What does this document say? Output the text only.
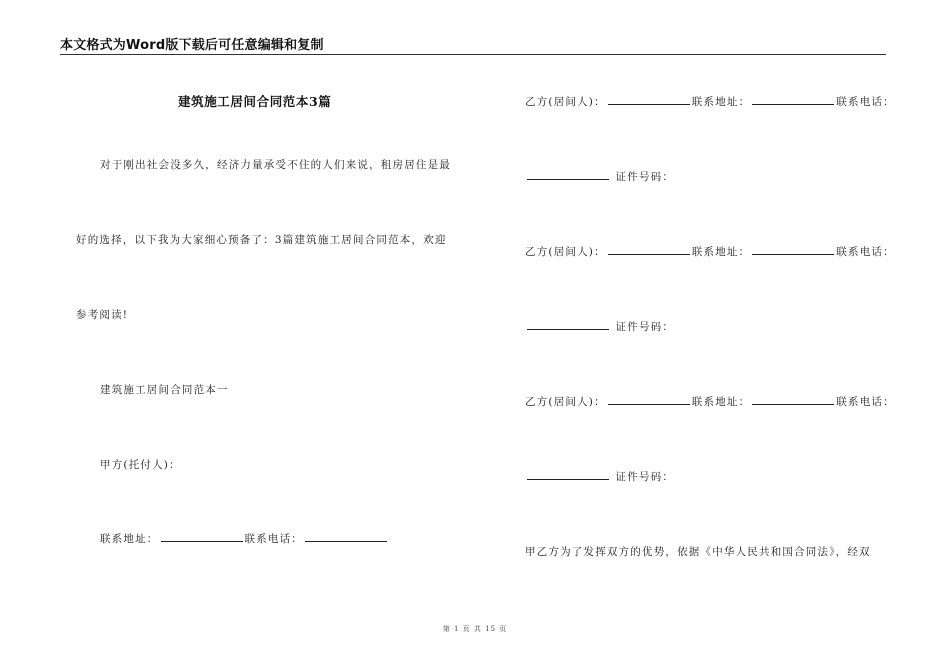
本文格式为Word版下载后可任意编辑和复制
建筑施工居间合同范本3篇
对于刚出社会没多久，经济力量承受不住的人们来说，租房居住是最
好的选择，以下我为大家细心预备了：3篇建筑施工居间合同范本，欢迎
参考阅读!
建筑施工居间合同范本一
甲方(托付人)：
联系地址：	联系电话：
乙方(居间人)：	联系地址：	联系电话：
证件号码：
乙方(居间人)：	联系地址：	联系电话：
证件号码：
乙方(居间人)：	联系地址：	联系电话：
证件号码：
甲乙方为了发挥双方的优势，依据《中华人民共和国合同法》，经双
第 1 页 共 15 页
